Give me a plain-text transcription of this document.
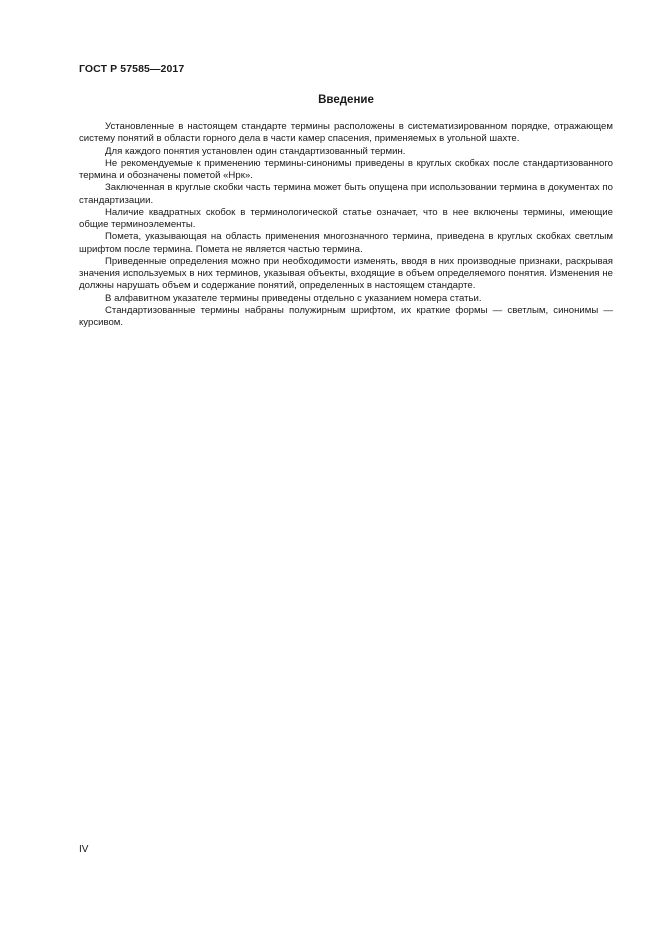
ГОСТ Р 57585—2017
Введение

Установленные в настоящем стандарте термины расположены в систематизированном порядке, отражающем систему понятий в области горного дела в части камер спасения, применяемых в угольной шахте.

Для каждого понятия установлен один стандартизованный термин.

Не рекомендуемые к применению термины-синонимы приведены в круглых скобках после стандартизованного термина и обозначены пометой «Нрк».

Заключенная в круглые скобки часть термина может быть опущена при использовании термина в документах по стандартизации.

Наличие квадратных скобок в терминологической статье означает, что в нее включены термины, имеющие общие терминоэлементы.

Помета, указывающая на область применения многозначного термина, приведена в круглых скобках светлым шрифтом после термина. Помета не является частью термина.

Приведенные определения можно при необходимости изменять, вводя в них производные признаки, раскрывая значения используемых в них терминов, указывая объекты, входящие в объем определяемого понятия. Изменения не должны нарушать объем и содержание понятий, определенных в настоящем стандарте.

В алфавитном указателе термины приведены отдельно с указанием номера статьи.

Стандартизованные термины набраны полужирным шрифтом, их краткие формы — светлым, синонимы — курсивом.

IV
